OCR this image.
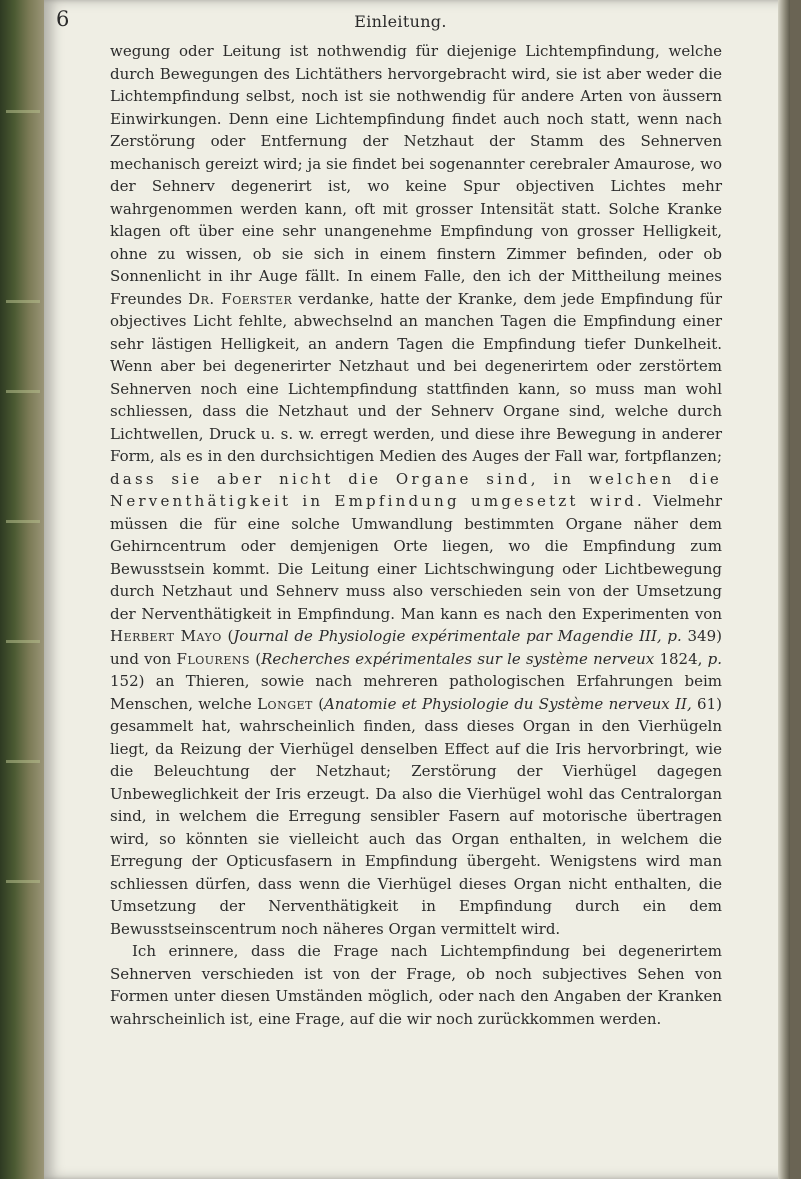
6	Einleitung.

wegung oder Leitung ist nothwendig für diejenige Lichtempfindung, welche durch Bewegungen des Lichtäthers hervorgebracht wird, sie ist aber weder die Lichtempfindung selbst, noch ist sie nothwendig für andere Arten von äussern Einwirkungen. Denn eine Lichtempfindung findet auch noch statt, wenn nach Zerstörung oder Entfernung der Netzhaut der Stamm des Sehnerven mechanisch gereizt wird; ja sie findet bei sogenannter cerebraler Amaurose, wo der Sehnerv degenerirt ist, wo keine Spur objectiven Lichtes mehr wahrgenommen werden kann, oft mit grosser Intensität statt. Solche Kranke klagen oft über eine sehr unangenehme Empfindung von grosser Helligkeit, ohne zu wissen, ob sie sich in einem finstern Zimmer befinden, oder ob Sonnenlicht in ihr Auge fällt. In einem Falle, den ich der Mittheilung meines Freundes Dr. Foerster verdanke, hatte der Kranke, dem jede Empfindung für objectives Licht fehlte, abwechselnd an manchen Tagen die Empfindung einer sehr lästigen Helligkeit, an andern Tagen die Empfindung tiefer Dunkelheit. Wenn aber bei degenerirter Netzhaut und bei degenerirtem oder zerstörtem Sehnerven noch eine Lichtempfindung stattfinden kann, so muss man wohl schliessen, dass die Netzhaut und der Sehnerv Organe sind, welche durch Lichtwellen, Druck u. s. w. erregt werden, und diese ihre Bewegung in anderer Form, als es in den durchsichtigen Medien des Auges der Fall war, fortpflanzen; dass sie aber nicht die Organe sind, in welchen die Nerventhätigkeit in Empfindung umgesetzt wird. Vielmehr müssen die für eine solche Umwandlung bestimmten Organe näher dem Gehirncentrum oder demjenigen Orte liegen, wo die Empfindung zum Bewusstsein kommt. Die Leitung einer Lichtschwingung oder Lichtbewegung durch Netzhaut und Sehnerv muss also verschieden sein von der Umsetzung der Nerventhätigkeit in Empfindung. Man kann es nach den Experimenten von Herbert Mayo (Journal de Physiologie expérimentale par Magendie III, p. 349) und von Flourens (Recherches expérimentales sur le système nerveux 1824, p. 152) an Thieren, sowie nach mehreren pathologischen Erfahrungen beim Menschen, welche Longet (Anatomie et Physiologie du Système nerveux II, 61) gesammelt hat, wahrscheinlich finden, dass dieses Organ in den Vierhügeln liegt, da Reizung der Vierhügel denselben Effect auf die Iris hervorbringt, wie die Beleuchtung der Netzhaut; Zerstörung der Vierhügel dagegen Unbeweglichkeit der Iris erzeugt. Da also die Vierhügel wohl das Centralorgan sind, in welchem die Erregung sensibler Fasern auf motorische übertragen wird, so könnten sie vielleicht auch das Organ enthalten, in welchem die Erregung der Opticusfasern in Empfindung übergeht. Wenigstens wird man schliessen dürfen, dass wenn die Vierhügel dieses Organ nicht enthalten, die Umsetzung der Nerventhätigkeit in Empfindung durch ein dem Bewusstseinscentrum noch näheres Organ vermittelt wird.

Ich erinnere, dass die Frage nach Lichtempfindung bei degenerirtem Sehnerven verschieden ist von der Frage, ob noch subjectives Sehen von Formen unter diesen Umständen möglich, oder nach den Angaben der Kranken wahrscheinlich ist, eine Frage, auf die wir noch zurückkommen werden.
